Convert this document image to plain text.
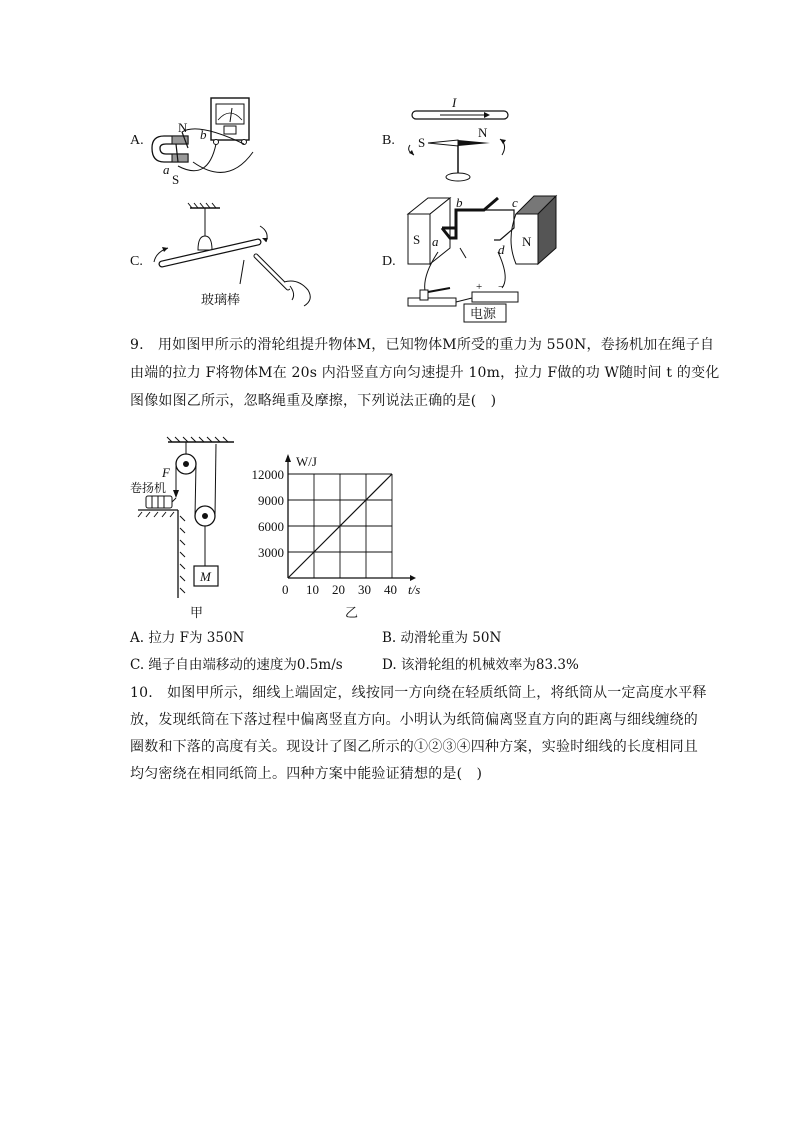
A.
N b
a
S
B.
I
S
N
C.
玻璃棒
D.
S	N
a
b	c
d
+ −
电源
9.　用如图甲所示的滑轮组提升物体M，已知物体M所受的重力为 550N，卷扬机加在绳子自
由端的拉力 F将物体M在 20s 内沿竖直方向匀速提升 10m，拉力 F做的功 W随时间 t 的变化
图像如图乙所示，忽略绳重及摩擦，下列说法正确的是(　)
M
F
卷扬机
甲
W/J
t/s
0 10 20 30 40
3000
6000
9000
12000
乙
A. 拉力 F为 350N	B. 动滑轮重为 50N
C. 绳子自由端移动的速度为0.5m/s	D. 该滑轮组的机械效率为83.3%
10.　如图甲所示，细线上端固定，线按同一方向绕在轻质纸筒上，将纸筒从一定高度水平释
放，发现纸筒在下落过程中偏离竖直方向。小明认为纸筒偏离竖直方向的距离与细线缠绕的
圈数和下落的高度有关。现设计了图乙所示的①②③④四种方案，实验时细线的长度相同且
均匀密绕在相同纸筒上。四种方案中能验证猜想的是(　)
